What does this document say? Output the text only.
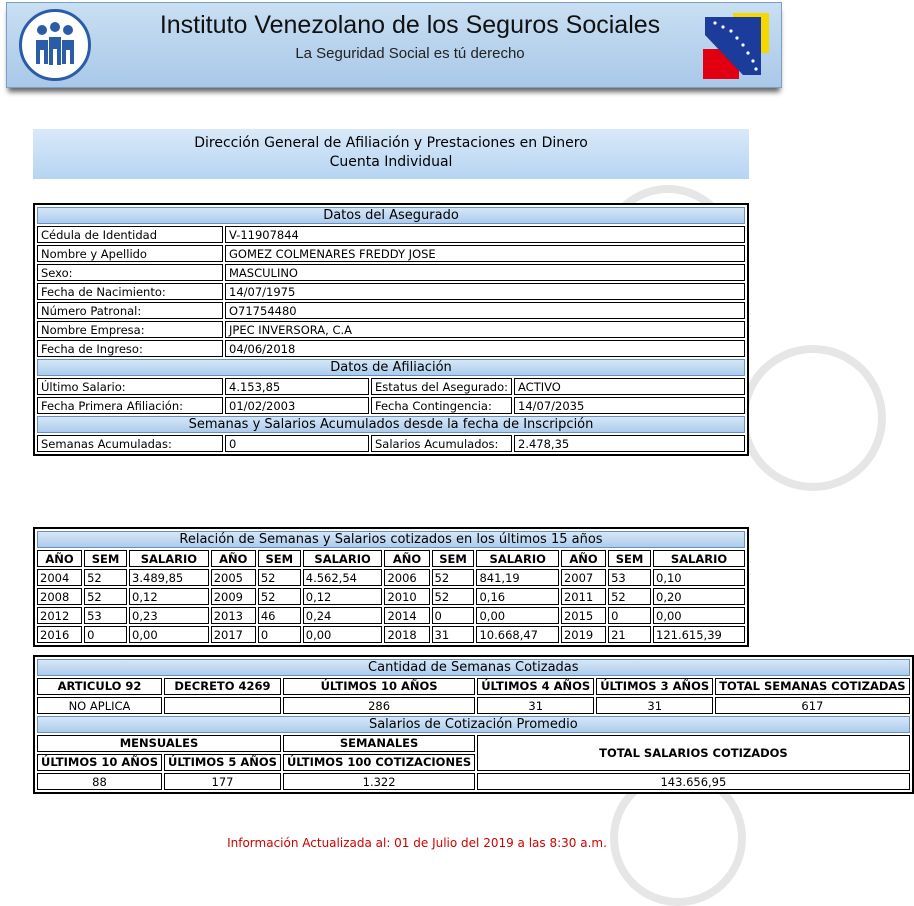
Instituto Venezolano de los Seguros Sociales
La Seguridad Social es tú derecho
Dirección General de Afiliación y Prestaciones en Dinero
Cuenta Individual
Datos del Asegurado			
Cédula de Identidad	V-11907844		
Nombre y Apellido	GOMEZ COLMENARES FREDDY JOSE		
Sexo:	MASCULINO		
Fecha de Nacimiento:	14/07/1975		
Número Patronal:	O71754480		
Nombre Empresa:	JPEC INVERSORA, C.A		
Fecha de Ingreso:	04/06/2018		
Datos de Afiliación			
Último Salario:	4.153,85	Estatus del Asegurado:	ACTIVO
Fecha Primera Afiliación:	01/02/2003	Fecha Contingencia:	14/07/2035
Semanas y Salarios Acumulados desde la fecha de Inscripción			
Semanas Acumuladas:	0	Salarios Acumulados:	2.478,35
Relación de Semanas y Salarios cotizados en los últimos 15 años											
AÑO	SEM	SALARIO	AÑO	SEM	SALARIO	AÑO	SEM	SALARIO	AÑO	SEM	SALARIO
2004	52	3.489,85	2005	52	4.562,54	2006	52	841,19	2007	53	0,10
2008	52	0,12	2009	52	0,12	2010	52	0,16	2011	52	0,20
2012	53	0,23	2013	46	0,24	2014	0	0,00	2015	0	0,00
2016	0	0,00	2017	0	0,00	2018	31	10.668,47	2019	21	121.615,39
Cantidad de Semanas Cotizadas					
ARTICULO 92	DECRETO 4269	ÚLTIMOS 10 AÑOS	ÚLTIMOS 4 AÑOS	ÚLTIMOS 3 AÑOS	TOTAL SEMANAS COTIZADAS
NO APLICA		286	31	31	617
Salarios de Cotización Promedio					
MENSUALES		SEMANALES	TOTAL SALARIOS COTIZADOS		
ÚLTIMOS 10 AÑOS	ÚLTIMOS 5 AÑOS	ÚLTIMOS 100 COTIZACIONES			
88	177	1.322	143.656,95		
Información Actualizada al: 01 de Julio del 2019 a las 8:30 a.m.
